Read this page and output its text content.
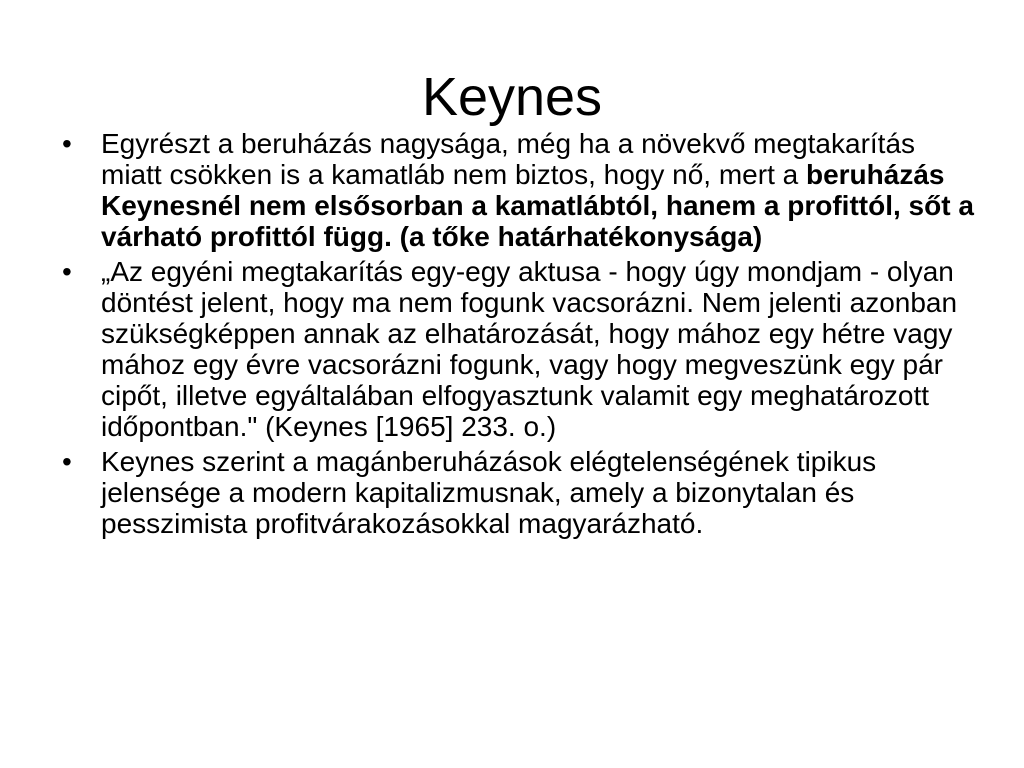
Keynes
•	Egyrészt a beruházás nagysága, még ha a növekvő megtakarítás miatt csökken is a kamatláb nem biztos, hogy nő, mert a beruházás Keynesnél nem elsősorban a kamatlábtól, hanem a profittól, sőt a várható profittól függ. (a tőke határhatékonysága)
•	„Az egyéni megtakarítás egy-egy aktusa - hogy úgy mondjam - olyan döntést jelent, hogy ma nem fogunk vacsorázni. Nem jelenti azonban szükségképpen annak az elhatározását, hogy mához egy hétre vagy mához egy évre vacsorázni fogunk, vagy hogy megveszünk egy pár cipőt, illetve egyáltalában elfogyasztunk valamit egy meghatározott időpontban." (Keynes [1965] 233. o.)
•	Keynes szerint a magánberuházások elégtelenségének tipikus jelensége a modern kapitalizmusnak, amely a bizonytalan és pesszimista profitvárakozásokkal magyarázható.
